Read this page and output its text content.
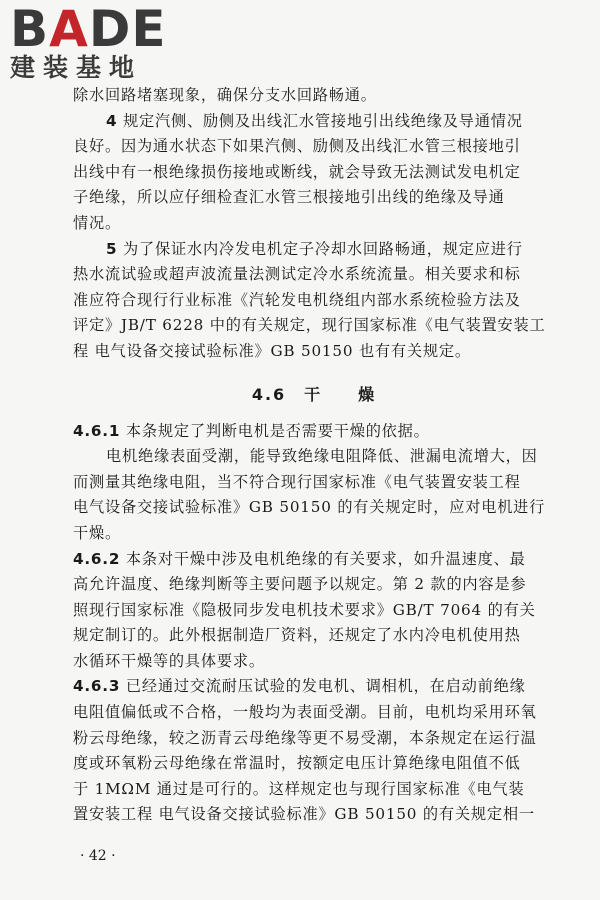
BADE
建装基地
除水回路堵塞现象，确保分支水回路畅通。
4 规定汽侧、励侧及出线汇水管接地引出线绝缘及导通情况
良好。因为通水状态下如果汽侧、励侧及出线汇水管三根接地引
出线中有一根绝缘损伤接地或断线，就会导致无法测试发电机定
子绝缘，所以应仔细检查汇水管三根接地引出线的绝缘及导通
情况。
5 为了保证水内冷发电机定子冷却水回路畅通，规定应进行
热水流试验或超声波流量法测试定冷水系统流量。相关要求和标
准应符合现行行业标准《汽轮发电机绕组内部水系统检验方法及
评定》JB/T 6228 中的有关规定，现行国家标准《电气装置安装工
程 电气设备交接试验标准》GB 50150 也有有关规定。
4.6 干 燥
4.6.1 本条规定了判断电机是否需要干燥的依据。
电机绝缘表面受潮，能导致绝缘电阻降低、泄漏电流增大，因
而测量其绝缘电阻，当不符合现行国家标准《电气装置安装工程
电气设备交接试验标准》GB 50150 的有关规定时，应对电机进行
干燥。
4.6.2 本条对干燥中涉及电机绝缘的有关要求，如升温速度、最
高允许温度、绝缘判断等主要问题予以规定。第 2 款的内容是参
照现行国家标准《隐极同步发电机技术要求》GB/T 7064 的有关
规定制订的。此外根据制造厂资料，还规定了水内冷电机使用热
水循环干燥等的具体要求。
4.6.3 已经通过交流耐压试验的发电机、调相机，在启动前绝缘
电阻值偏低或不合格，一般均为表面受潮。目前，电机均采用环氧
粉云母绝缘，较之沥青云母绝缘等更不易受潮，本条规定在运行温
度或环氧粉云母绝缘在常温时，按额定电压计算绝缘电阻值不低
于 1MΩM 通过是可行的。这样规定也与现行国家标准《电气装
置安装工程 电气设备交接试验标准》GB 50150 的有关规定相一
· 42 ·
